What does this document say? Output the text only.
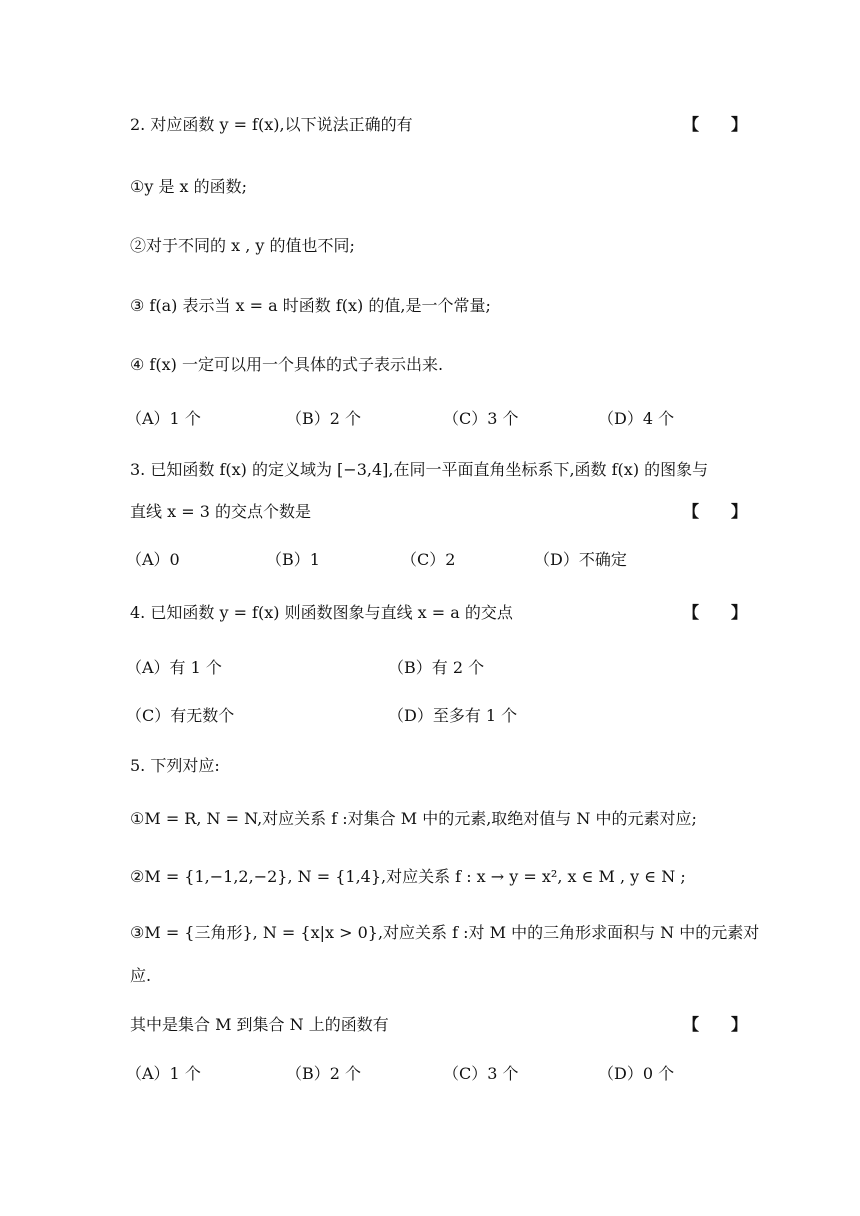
2. 对应函数 y = f(x),以下说法正确的有	【　　】
①y 是 x 的函数;
②对于不同的 x , y 的值也不同;
③ f(a) 表示当 x = a 时函数 f(x) 的值,是一个常量;
④ f(x) 一定可以用一个具体的式子表示出来.
（A）1 个	（B）2 个	（C）3 个	（D）4 个
3. 已知函数 f(x) 的定义域为 [−3,4],在同一平面直角坐标系下,函数 f(x) 的图象与
直线 x = 3 的交点个数是	【　　】
（A）0	（B）1	（C）2	（D）不确定
4. 已知函数 y = f(x) 则函数图象与直线 x = a 的交点	【　　】
（A）有 1 个	（B）有 2 个
（C）有无数个	（D）至多有 1 个
5. 下列对应:
①M = R, N = N,对应关系 f :对集合 M 中的元素,取绝对值与 N 中的元素对应;
②M = {1,−1,2,−2}, N = {1,4},对应关系 f : x → y = x², x ∈ M , y ∈ N ;
③M = {三角形}, N = {x|x > 0},对应关系 f :对 M 中的三角形求面积与 N 中的元素对
应.
其中是集合 M 到集合 N 上的函数有	【　　】
（A）1 个	（B）2 个	（C）3 个	（D）0 个
